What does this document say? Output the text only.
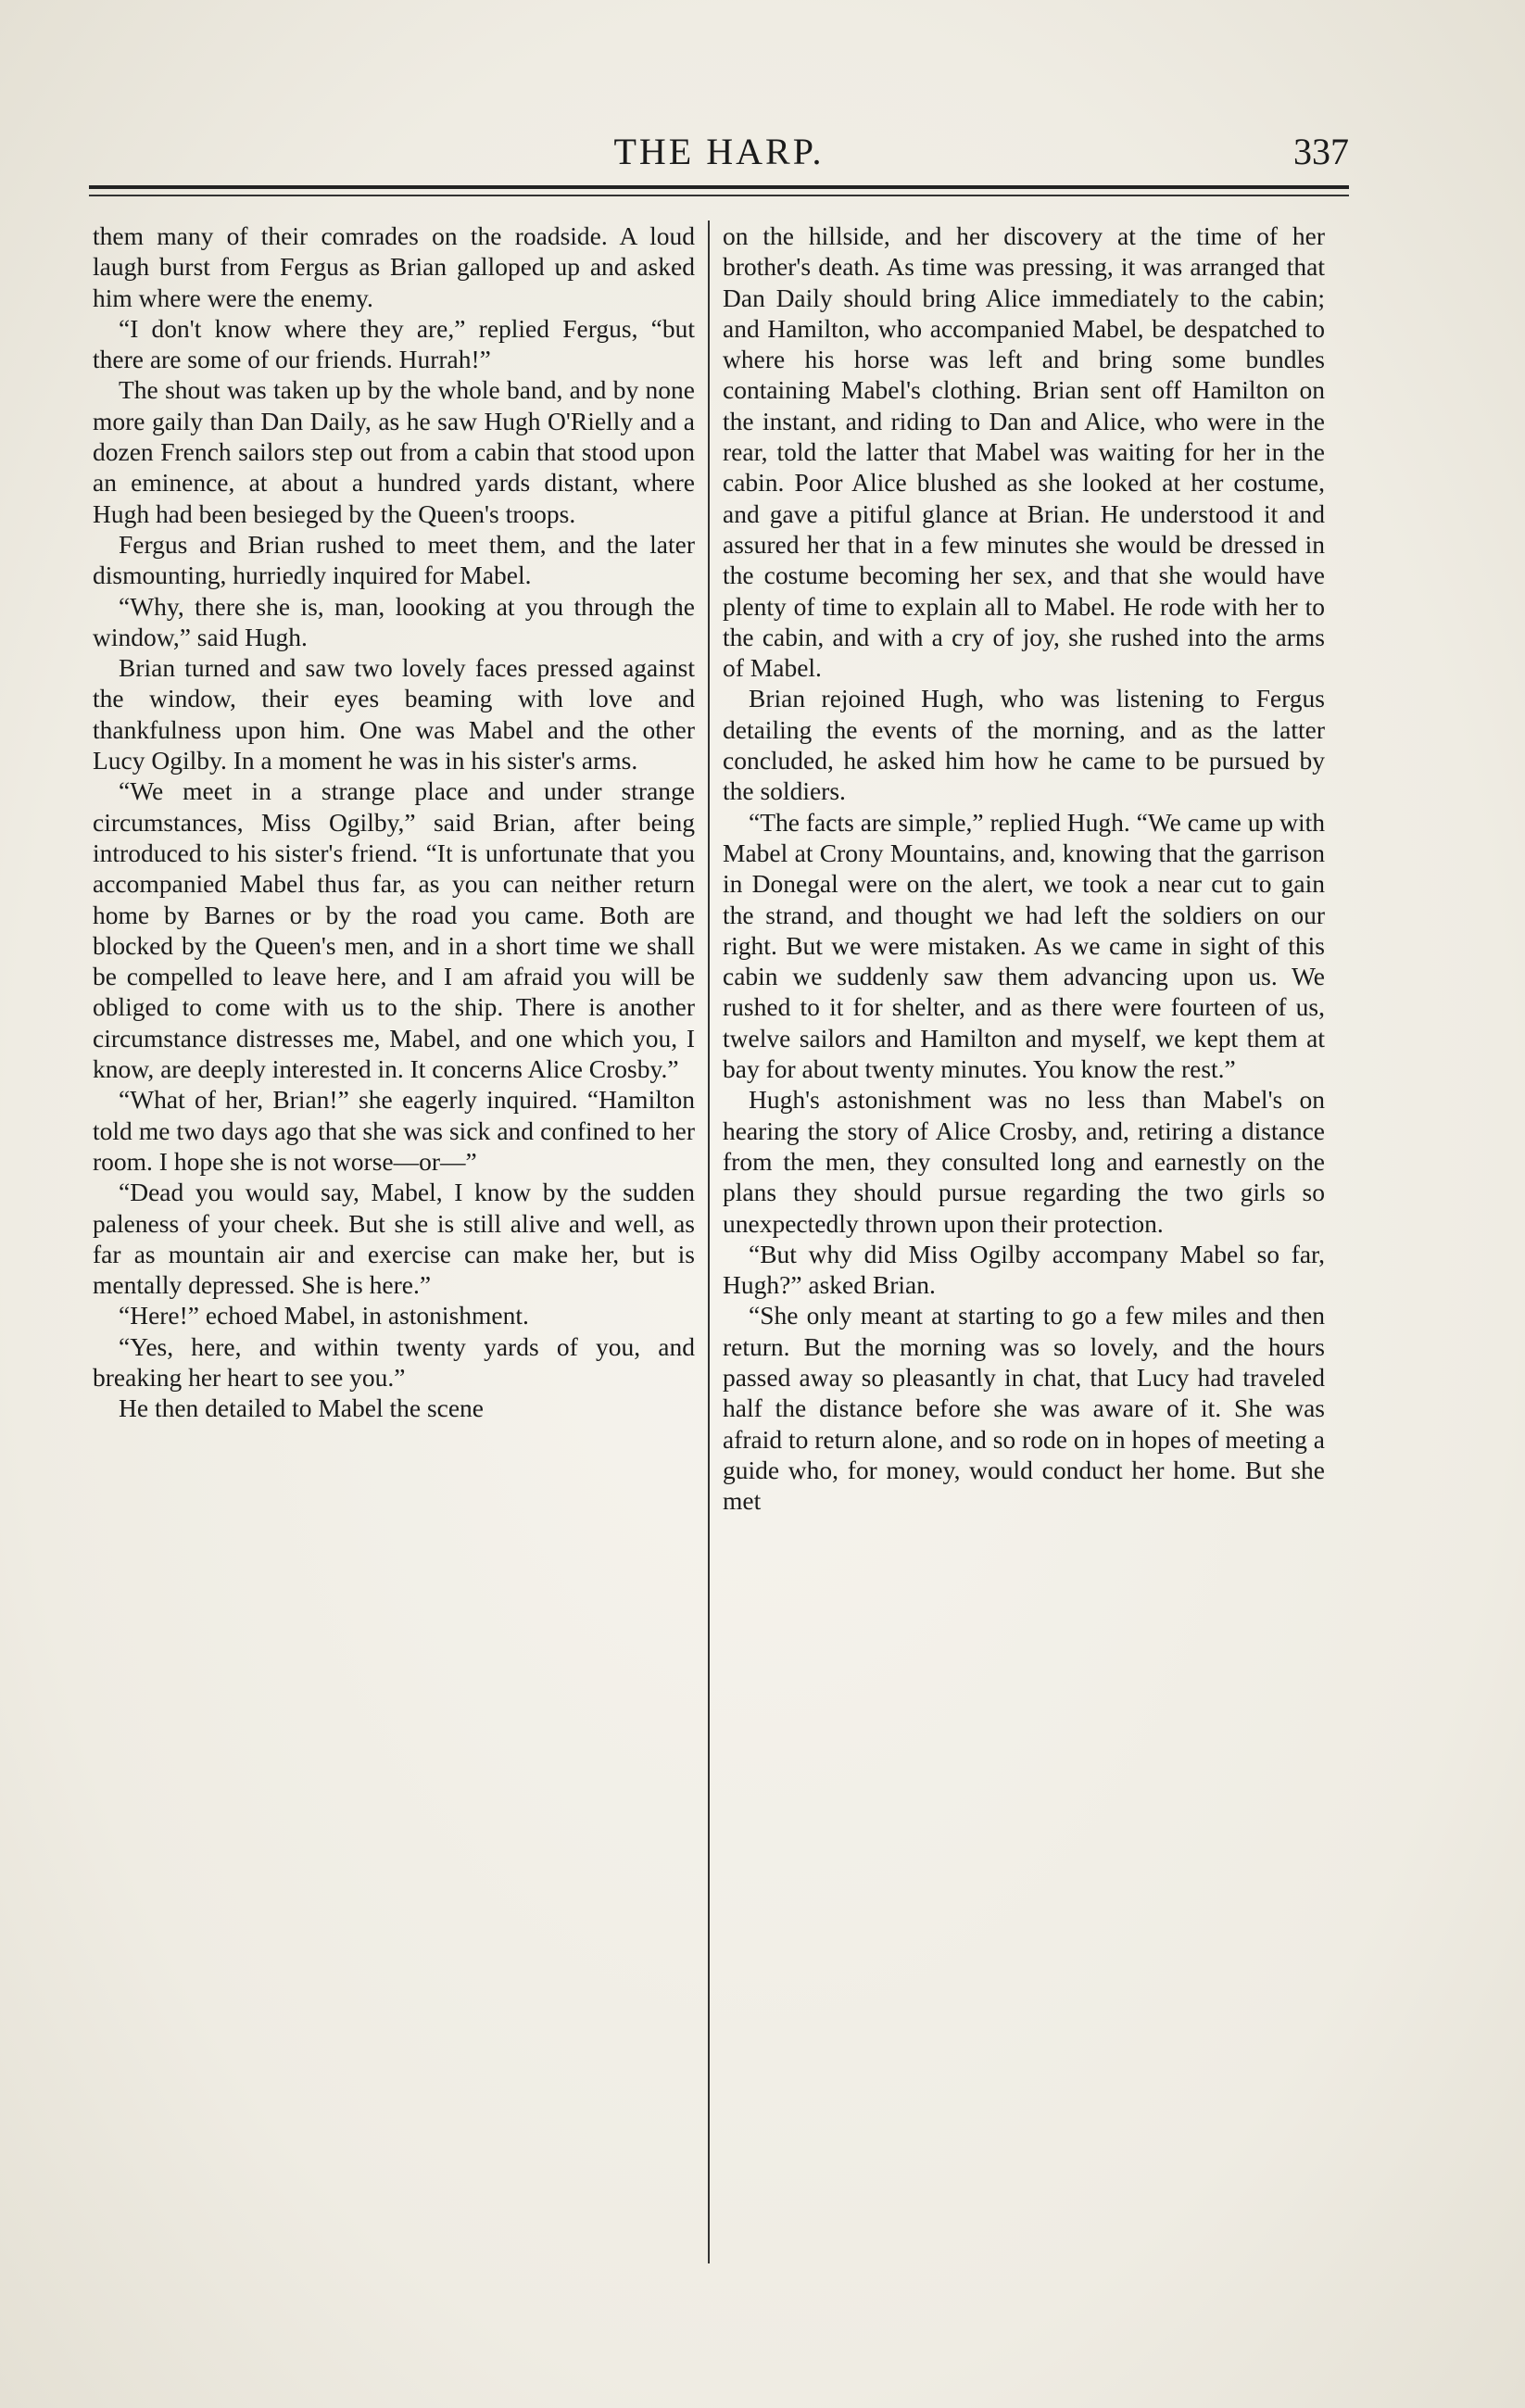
THE HARP.	337

them many of their comrades on the roadside. A loud laugh burst from Fergus as Brian galloped up and asked him where were the enemy.

“I don't know where they are,” replied Fergus, “but there are some of our friends. Hurrah!”

The shout was taken up by the whole band, and by none more gaily than Dan Daily, as he saw Hugh O'Rielly and a dozen French sailors step out from a cabin that stood upon an eminence, at about a hundred yards distant, where Hugh had been besieged by the Queen's troops.

Fergus and Brian rushed to meet them, and the later dismounting, hurriedly inquired for Mabel.

“Why, there she is, man, loooking at you through the window,” said Hugh.

Brian turned and saw two lovely faces pressed against the window, their eyes beaming with love and thankfulness upon him. One was Mabel and the other Lucy Ogilby. In a moment he was in his sister's arms.

“We meet in a strange place and under strange circumstances, Miss Ogilby,” said Brian, after being introduced to his sister's friend. “It is unfortunate that you accompanied Mabel thus far, as you can neither return home by Barnes or by the road you came. Both are blocked by the Queen's men, and in a short time we shall be compelled to leave here, and I am afraid you will be obliged to come with us to the ship. There is another circumstance distresses me, Mabel, and one which you, I know, are deeply interested in. It concerns Alice Crosby.”

“What of her, Brian!” she eagerly inquired. “Hamilton told me two days ago that she was sick and confined to her room. I hope she is not worse—or—”

“Dead you would say, Mabel, I know by the sudden paleness of your cheek. But she is still alive and well, as far as mountain air and exercise can make her, but is mentally depressed. She is here.”

“Here!” echoed Mabel, in astonishment.

“Yes, here, and within twenty yards of you, and breaking her heart to see you.”

He then detailed to Mabel the scene

on the hillside, and her discovery at the time of her brother's death. As time was pressing, it was arranged that Dan Daily should bring Alice immediately to the cabin; and Hamilton, who accompanied Mabel, be despatched to where his horse was left and bring some bundles containing Mabel's clothing. Brian sent off Hamilton on the instant, and riding to Dan and Alice, who were in the rear, told the latter that Mabel was waiting for her in the cabin. Poor Alice blushed as she looked at her costume, and gave a pitiful glance at Brian. He understood it and assured her that in a few minutes she would be dressed in the costume becoming her sex, and that she would have plenty of time to explain all to Mabel. He rode with her to the cabin, and with a cry of joy, she rushed into the arms of Mabel.

Brian rejoined Hugh, who was listening to Fergus detailing the events of the morning, and as the latter concluded, he asked him how he came to be pursued by the soldiers.

“The facts are simple,” replied Hugh. “We came up with Mabel at Crony Mountains, and, knowing that the garrison in Donegal were on the alert, we took a near cut to gain the strand, and thought we had left the soldiers on our right. But we were mistaken. As we came in sight of this cabin we suddenly saw them advancing upon us. We rushed to it for shelter, and as there were fourteen of us, twelve sailors and Hamilton and myself, we kept them at bay for about twenty minutes. You know the rest.”

Hugh's astonishment was no less than Mabel's on hearing the story of Alice Crosby, and, retiring a distance from the men, they consulted long and earnestly on the plans they should pursue regarding the two girls so unexpectedly thrown upon their protection.

“But why did Miss Ogilby accompany Mabel so far, Hugh?” asked Brian.

“She only meant at starting to go a few miles and then return. But the morning was so lovely, and the hours passed away so pleasantly in chat, that Lucy had traveled half the distance before she was aware of it. She was afraid to return alone, and so rode on in hopes of meeting a guide who, for money, would conduct her home. But she met
